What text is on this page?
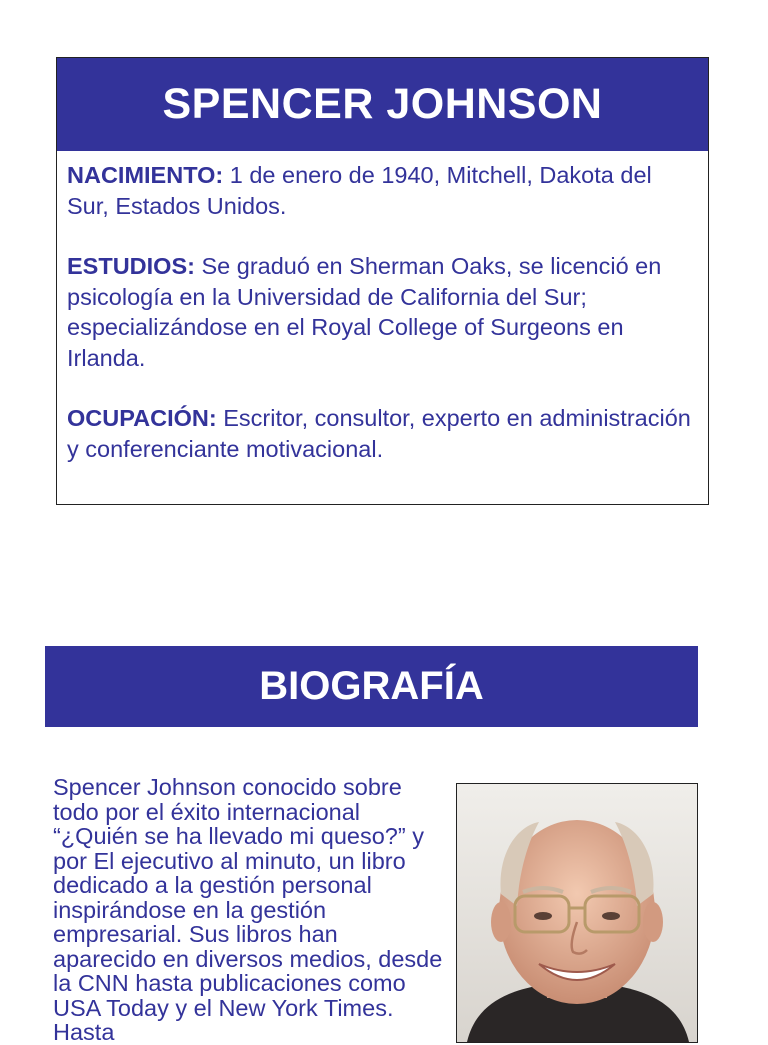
SPENCER JOHNSON

NACIMIENTO: 1 de enero de 1940, Mitchell, Dakota del Sur, Estados Unidos.

ESTUDIOS: Se graduó en Sherman Oaks, se licenció en psicología en la Universidad de California del Sur; especializándose en el Royal College of Surgeons en Irlanda.

OCUPACIÓN: Escritor, consultor, experto en administración y conferenciante motivacional.

BIOGRAFÍA
Spencer Johnson conocido sobre todo por el éxito internacional “¿Quién se ha llevado mi queso?” y por El ejecutivo al minuto, un libro dedicado a la gestión personal inspirándose en la gestión empresarial. Sus libros han aparecido en diversos medios, desde la CNN hasta publicaciones como USA Today y el New York Times. Hasta
